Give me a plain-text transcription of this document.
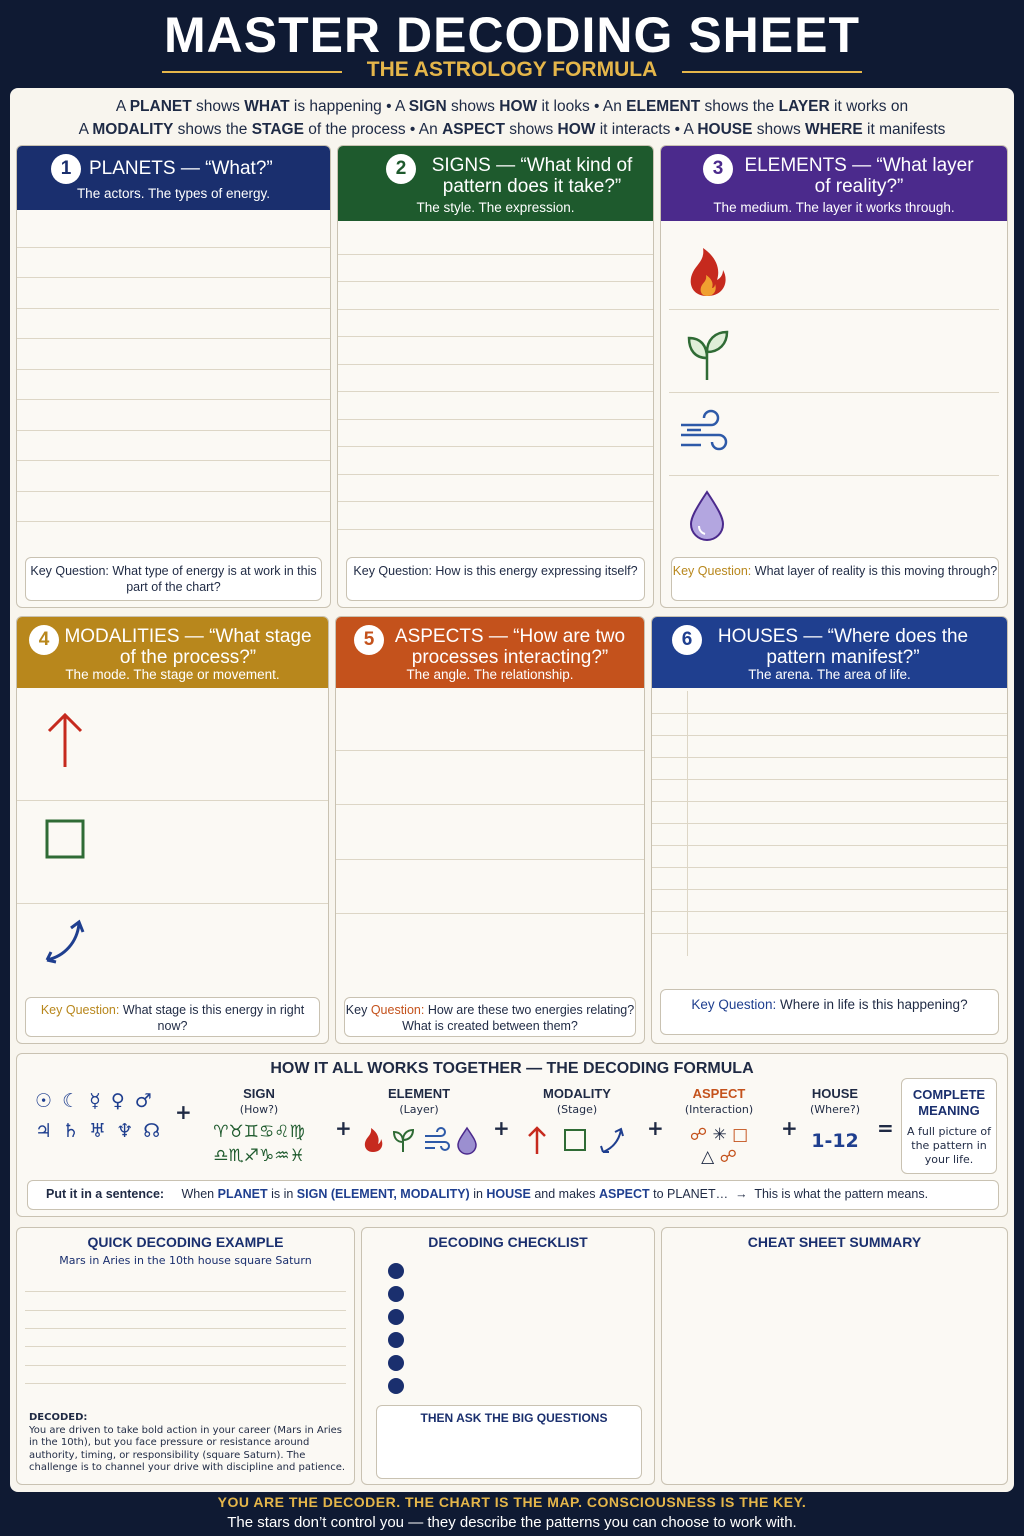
MASTER DECODING SHEET
THE ASTROLOGY FORMULA
A PLANET shows WHAT is happening • A SIGN shows HOW it looks • An ELEMENT shows the LAYER it works on
A MODALITY shows the STAGE of the process • An ASPECT shows HOW it interacts • A HOUSE shows WHERE it manifests
1 PLANETS — “What?”
The actors. The types of energy.
Key Question: What type of energy is at work in this part of the chart?
2	SIGNS — “What kind of pattern does it take?”
The style. The expression.
Key Question: How is this energy expressing itself?
3	ELEMENTS — “What layer of reality?”
The medium. The layer it works through.
Key Question: What layer of reality is this moving through?
4 MODALITIES — “What stage of the process?”
The mode. The stage or movement.
Key Question: What stage is this energy in right now?
5	ASPECTS — “How are two processes interacting?”
The angle. The relationship.
Key Question: How are these two energies relating? What is created between them?
6	HOUSES — “Where does the pattern manifest?”
The arena. The area of life.
Key Question: Where in life is this happening?
HOW IT ALL WORKS TOGETHER — THE DECODING FORMULA
☉ ☾ ☿ ♀ ♂
♃ ♄ ♅ ♆ ☊
+
SIGN
(How?)
♈♉♊♋♌♍
♎♏♐♑♒♓
+
ELEMENT
(Layer)
+
MODALITY
(Stage)
+
ASPECT
(Interaction)
☍ ✳ □
△ ☍
+
HOUSE
(Where?)
1-12
=
COMPLETE MEANING
A full picture of the pattern in your life.
Put it in a sentence: When PLANET is in SIGN (ELEMENT, MODALITY) in HOUSE and makes ASPECT to PLANET… → This is what the pattern means.
QUICK DECODING EXAMPLE
Mars in Aries in the 10th house square Saturn
DECODED:
You are driven to take bold action in your career (Mars in Aries in the 10th), but you face pressure or resistance around authority, timing, or responsibility (square Saturn). The challenge is to channel your drive with discipline and patience.
DECODING CHECKLIST
THEN ASK THE BIG QUESTIONS
CHEAT SHEET SUMMARY
YOU ARE THE DECODER. THE CHART IS THE MAP. CONSCIOUSNESS IS THE KEY.
The stars don’t control you — they describe the patterns you can choose to work with.
